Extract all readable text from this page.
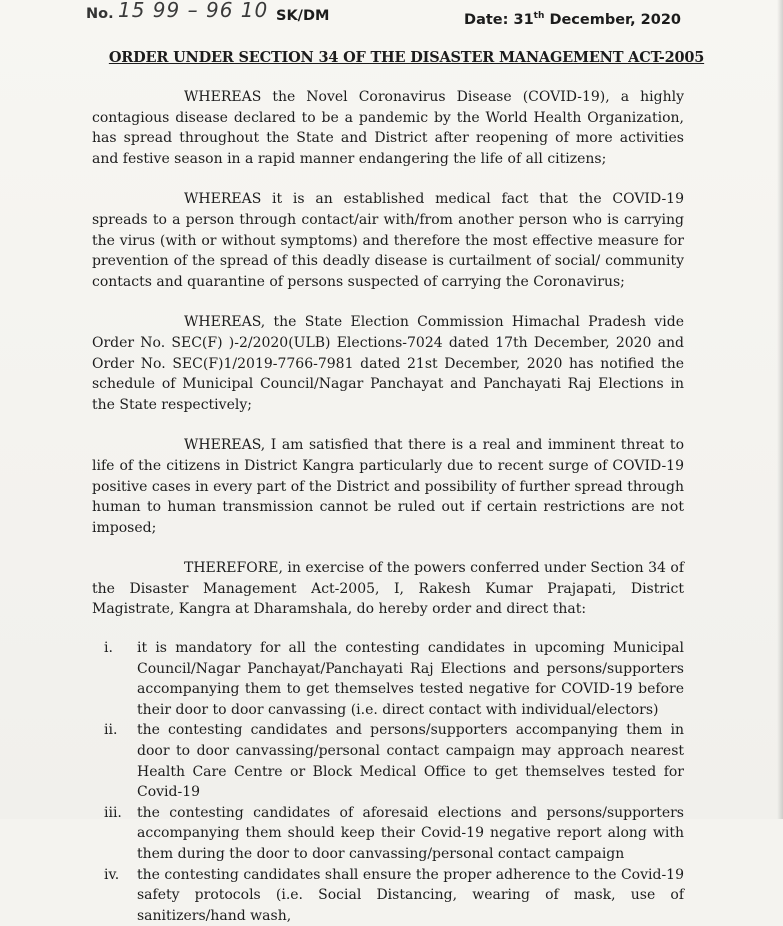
No. 15 99 – 96 10 SK/DM	Date: 31th December, 2020
ORDER UNDER SECTION 34 OF THE DISASTER MANAGEMENT ACT-2005

WHEREAS the Novel Coronavirus Disease (COVID-19), a highly contagious disease declared to be a pandemic by the World Health Organization, has spread throughout the State and District after reopening of more activities and festive season in a rapid manner endangering the life of all citizens;

WHEREAS it is an established medical fact that the COVID-19 spreads to a person through contact/air with/from another person who is carrying the virus (with or without symptoms) and therefore the most effective measure for prevention of the spread of this deadly disease is curtailment of social/ community contacts and quarantine of persons suspected of carrying the Coronavirus;

WHEREAS, the State Election Commission Himachal Pradesh vide Order No. SEC(F) )-2/2020(ULB) Elections-7024 dated 17th December, 2020 and Order No. SEC(F)1/2019-7766-7981 dated 21st December, 2020 has notified the schedule of Municipal Council/Nagar Panchayat and Panchayati Raj Elections in the State respectively;

WHEREAS, I am satisfied that there is a real and imminent threat to life of the citizens in District Kangra particularly due to recent surge of COVID-19 positive cases in every part of the District and possibility of further spread through human to human transmission cannot be ruled out if certain restrictions are not imposed;

THEREFORE, in exercise of the powers conferred under Section 34 of the Disaster Management Act-2005, I, Rakesh Kumar Prajapati, District Magistrate, Kangra at Dharamshala, do hereby order and direct that:

i.	it is mandatory for all the contesting candidates in upcoming Municipal Council/Nagar Panchayat/Panchayati Raj Elections and persons/supporters accompanying them to get themselves tested negative for COVID-19 before their door to door canvassing (i.e. direct contact with individual/electors)
ii.	the contesting candidates and persons/supporters accompanying them in door to door canvassing/personal contact campaign may approach nearest Health Care Centre or Block Medical Office to get themselves tested for Covid-19
iii.	the contesting candidates of aforesaid elections and persons/supporters accompanying them should keep their Covid-19 negative report along with them during the door to door canvassing/personal contact campaign
iv.	the contesting candidates shall ensure the proper adherence to the Covid-19 safety protocols (i.e. Social Distancing, wearing of mask, use of sanitizers/hand wash,
